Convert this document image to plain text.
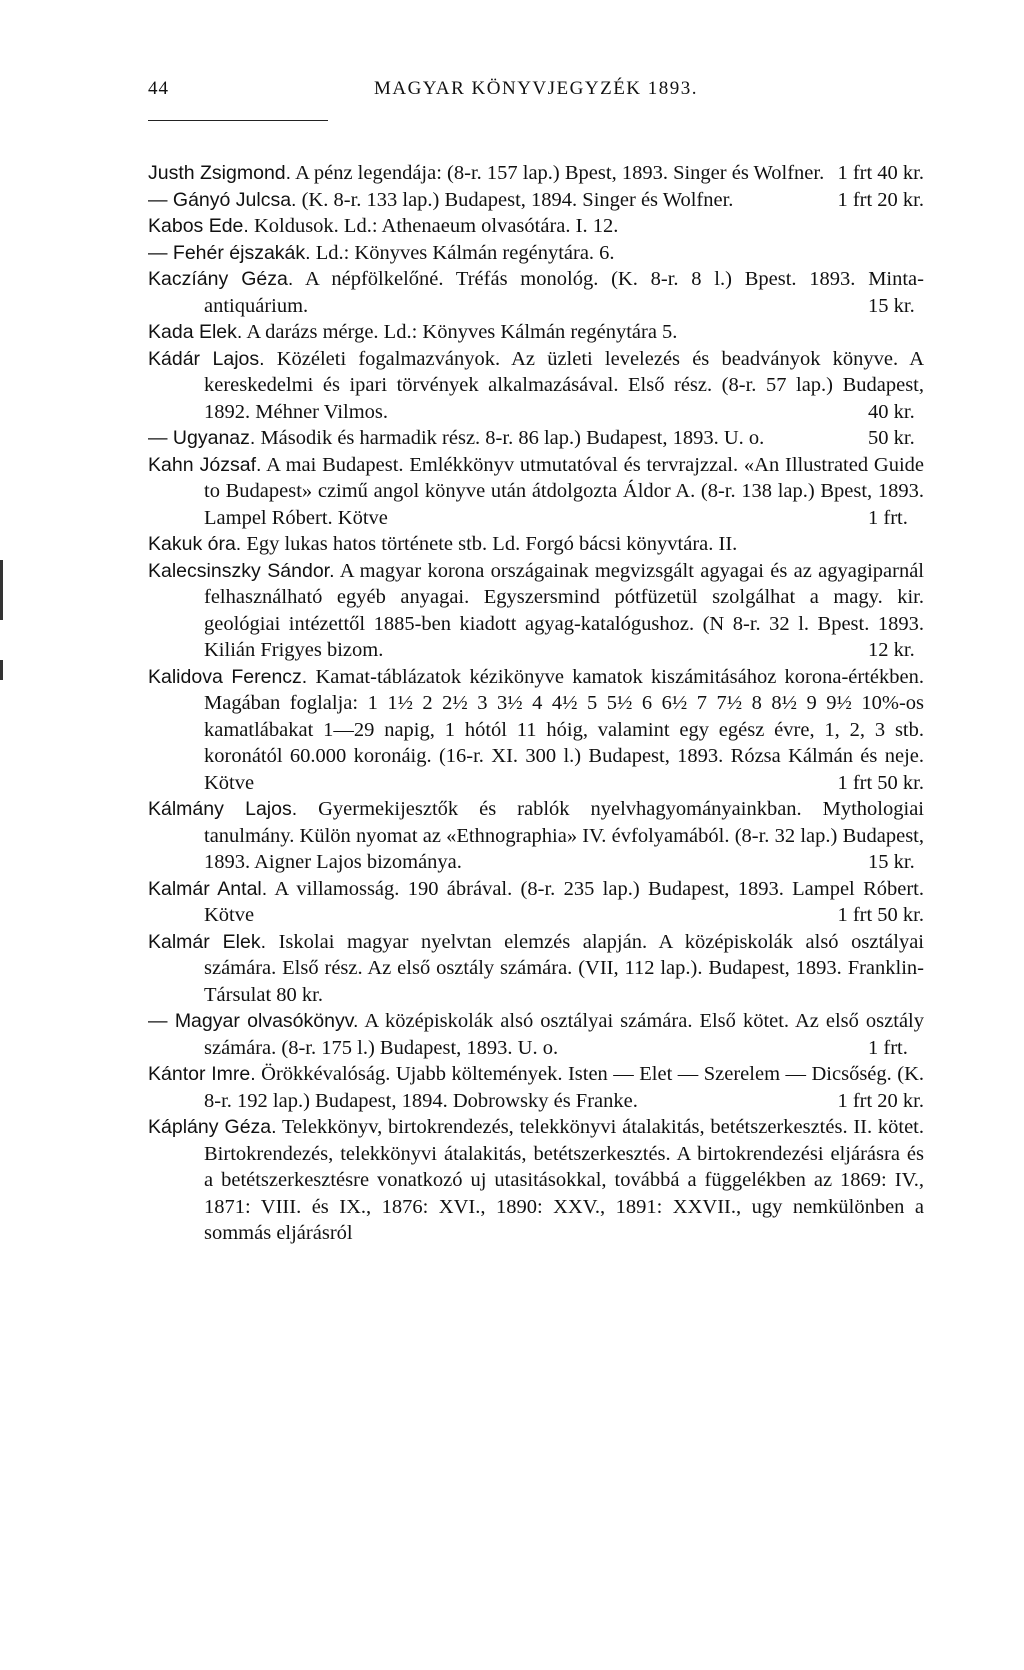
44	MAGYAR KÖNYVJEGYZÉK 1893.

Justh Zsigmond. A pénz legendája: (8-r. 157 lap.) Bpest, 1893. Singer és Wolfner. 1 frt 40 kr.

— Gányó Julcsa. (K. 8-r. 133 lap.) Budapest, 1894. Singer és Wolfner.	1 frt 20 kr.

Kabos Ede. Koldusok. Ld.: Athenaeum olvasótára. I. 12.

— Fehér éjszakák. Ld.: Könyves Kálmán regénytára. 6.

Kaczíány Géza. A népfölkelőné. Tréfás monológ. (K. 8-r. 8 l.) Bpest. 1893. Minta-antiquárium.	15 kr.

Kada Elek. A darázs mérge. Ld.: Könyves Kálmán regénytára 5.

Kádár Lajos. Közéleti fogalmazványok. Az üzleti levelezés és beadványok könyve. A kereskedelmi és ipari törvények alkalmazásával. Első rész. (8-r. 57 lap.) Budapest, 1892. Méhner Vilmos.	40 kr.

— Ugyanaz. Második és harmadik rész. 8-r. 86 lap.) Budapest, 1893. U. o.	50 kr.

Kahn Józsaf. A mai Budapest. Emlékkönyv utmutatóval és tervrajzzal. «An Illustrated Guide to Budapest» czimű angol könyve után átdolgozta Áldor A. (8-r. 138 lap.) Bpest, 1893. Lampel Róbert. Kötve	1 frt.

Kakuk óra. Egy lukas hatos története stb. Ld. Forgó bácsi könyvtára. II.

Kalecsinszky Sándor. A magyar korona országainak megvizsgált agyagai és az agyagiparnál felhasználható egyéb anyagai. Egyszersmind pótfüzetül szolgálhat a magy. kir. geológiai intézettől 1885-ben kiadott agyag-katalógushoz. (N 8-r. 32 l. Bpest. 1893. Kilián Frigyes bizom.	12 kr.

Kalidova Ferencz. Kamat-táblázatok kézikönyve kamatok kiszámitásához korona-értékben. Magában foglalja: 1 1½ 2 2½ 3 3½ 4 4½ 5 5½ 6 6½ 7 7½ 8 8½ 9 9½ 10%-os kamatlábakat 1—29 napig, 1 hótól 11 hóig, valamint egy egész évre, 1, 2, 3 stb. koronától 60.000 koronáig. (16-r. XI. 300 l.) Budapest, 1893. Rózsa Kálmán és neje. Kötve	1 frt 50 kr.

Kálmány Lajos. Gyermekijesztők és rablók nyelvhagyományainkban. Mythologiai tanulmány. Külön nyomat az «Ethnographia» IV. évfolyamából. (8-r. 32 lap.) Budapest, 1893. Aigner Lajos bizománya.	15 kr.

Kalmár Antal. A villamosság. 190 ábrával. (8-r. 235 lap.) Budapest, 1893. Lampel Róbert. Kötve	1 frt 50 kr.

Kalmár Elek. Iskolai magyar nyelvtan elemzés alapján. A középiskolák alsó osztályai számára. Első rész. Az első osztály számára. (VII, 112 lap.). Budapest, 1893. Franklin-Társulat 80 kr.

— Magyar olvasókönyv. A középiskolák alsó osztályai számára. Első kötet. Az első osztály számára. (8-r. 175 l.) Budapest, 1893. U. o.	1 frt.

Kántor Imre. Örökkévalóság. Ujabb költemények. Isten — Elet — Szerelem — Dicsőség. (K. 8-r. 192 lap.) Budapest, 1894. Dobrowsky és Franke.	1 frt 20 kr.

Káplány Géza. Telekkönyv, birtokrendezés, telekkönyvi átalakitás, betétszerkesztés. II. kötet. Birtokrendezés, telekkönyvi átalakitás, betétszerkesztés. A birtokrendezési eljárásra és a betétszerkesztésre vonatkozó uj utasitásokkal, továbbá a függelékben az 1869: IV., 1871: VIII. és IX., 1876: XVI., 1890: XXV., 1891: XXVII., ugy nemkülönben a sommás eljárásról
